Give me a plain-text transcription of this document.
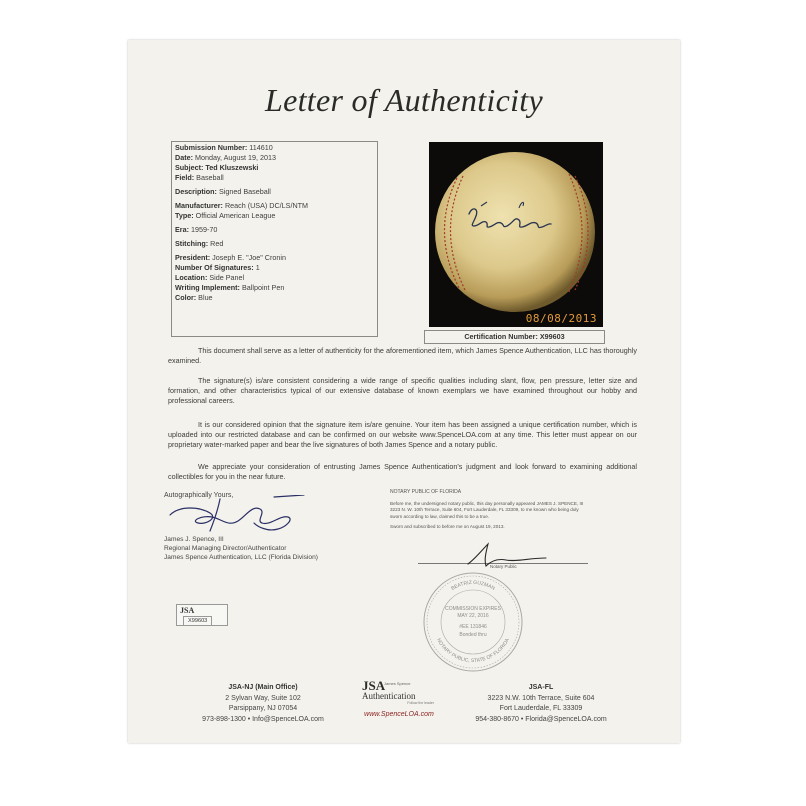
Letter of Authenticity
Submission Number: 114610
Date: Monday, August 19, 2013
Subject: Ted Kluszewski
Field: Baseball
Description: Signed Baseball
Manufacturer: Reach (USA) DC/LS/NTM
Type: Official American League
Era: 1959-70
Stitching: Red
President: Joseph E. "Joe" Cronin
Number Of Signatures: 1
Location: Side Panel
Writing Implement: Ballpoint Pen
Color: Blue
08/08/2013
Certification Number: X99603
This document shall serve as a letter of authenticity for the aforementioned item, which James Spence Authentication, LLC has thoroughly examined.
The signature(s) is/are consistent considering a wide range of specific qualities including slant, flow, pen pressure, letter size and formation, and other characteristics typical of our extensive database of known exemplars we have examined throughout our hobby and professional careers.
It is our considered opinion that the signature item is/are genuine. Your item has been assigned a unique certification number, which is uploaded into our restricted database and can be confirmed on our website www.SpenceLOA.com at any time. This letter must appear on our proprietary water-marked paper and bear the live signatures of both James Spence and a notary public.
We appreciate your consideration of entrusting James Spence Authentication's judgment and look forward to examining additional collectibles for you in the near future.
Autographically Yours,
James J. Spence, III
Regional Managing Director/Authenticator
James Spence Authentication, LLC (Florida Division)
JSA
X99603
NOTARY PUBLIC OF FLORIDA
Before me, the undersigned notary public, this day personally appeared JAMES J. SPENCE, III 3223 N. W. 10th Terrace, Suite 604, Fort Lauderdale, FL 33309, to me known who being duly sworn according to law, claimed this to be a true.
Sworn and subscribed to before me on August 19, 2013.
Notary Public
BEATRIZ GUZMAN
NOTARY PUBLIC, STATE OF FLORIDA
COMMISSION EXPIRES
MAY 22, 2016
#EE 131846
Bonded thru
JSA-NJ (Main Office)
2 Sylvan Way, Suite 102
Parsippany, NJ 07054
973-898-1300 • Info@SpenceLOA.com
JSA
James Spence
Authentication
Follow the leader
www.SpenceLOA.com
JSA-FL
3223 N.W. 10th Terrace, Suite 604
Fort Lauderdale, FL 33309
954-380-8670 • Florida@SpenceLOA.com
